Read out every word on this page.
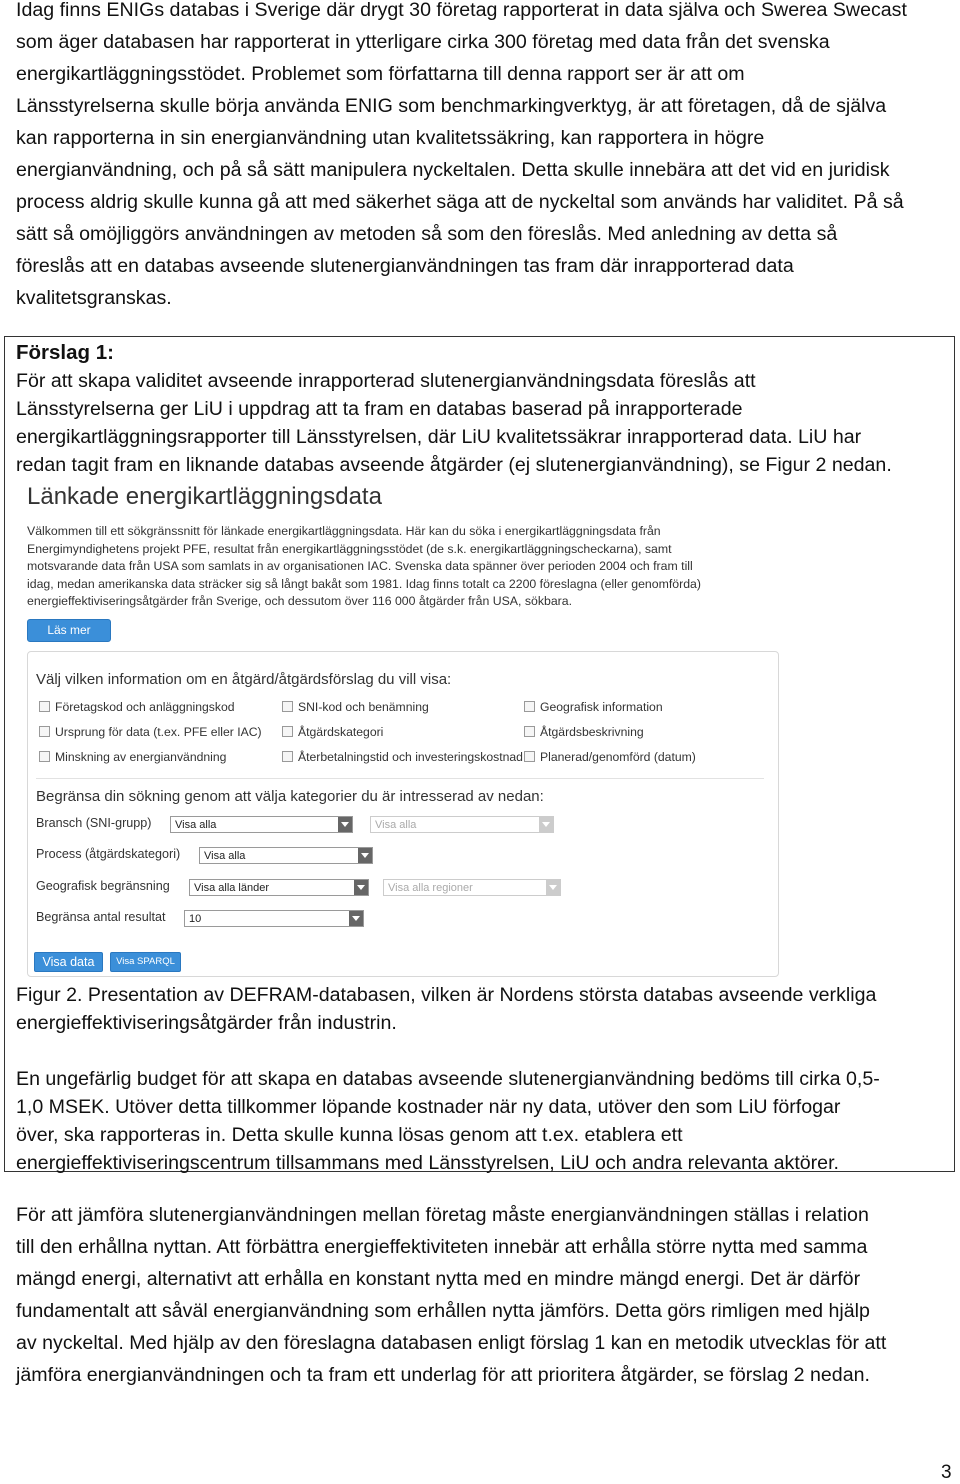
Idag finns ENIGs databas i Sverige där drygt 30 företag rapporterat in data själva och Swerea Swecast
som äger databasen har rapporterat in ytterligare cirka 300 företag med data från det svenska
energikartläggningsstödet. Problemet som författarna till denna rapport ser är att om
Länsstyrelserna skulle börja använda ENIG som benchmarkingverktyg, är att företagen, då de själva
kan rapporterna in sin energianvändning utan kvalitetssäkring, kan rapportera in högre
energianvändning, och på så sätt manipulera nyckeltalen. Detta skulle innebära att det vid en juridisk
process aldrig skulle kunna gå att med säkerhet säga att de nyckeltal som används har validitet. På så
sätt så omöjliggörs användningen av metoden så som den föreslås. Med anledning av detta så
föreslås att en databas avseende slutenergianvändningen tas fram där inrapporterad data
kvalitetsgranskas.
Förslag 1:
För att skapa validitet avseende inrapporterad slutenergianvändningsdata föreslås att
Länsstyrelserna ger LiU i uppdrag att ta fram en databas baserad på inrapporterade
energikartläggningsrapporter till Länsstyrelsen, där LiU kvalitetssäkrar inrapporterad data. LiU har
redan tagit fram en liknande databas avseende åtgärder (ej slutenergianvändning), se Figur 2 nedan.
Länkade energikartläggningsdata
Välkommen till ett sökgränssnitt för länkade energikartläggningsdata. Här kan du söka i energikartläggningsdata från
Energimyndighetens projekt PFE, resultat från energikartläggningsstödet (de s.k. energikartläggningscheckarna), samt
motsvarande data från USA som samlats in av organisationen IAC. Svenska data spänner över perioden 2004 och fram till
idag, medan amerikanska data sträcker sig så långt bakåt som 1981. Idag finns totalt ca 2200 föreslagna (eller genomförda)
energieffektiviseringsåtgärder från Sverige, och dessutom över 116 000 åtgärder från USA, sökbara.
Läs mer
Välj vilken information om en åtgärd/åtgärdsförslag du vill visa:
Företagskod och anläggningskod	SNI-kod och benämning	Geografisk information
Ursprung för data (t.ex. PFE eller IAC)	Åtgärdskategori	Åtgärdsbeskrivning
Minskning av energianvändning	Återbetalningstid och investeringskostnad	Planerad/genomförd (datum)
Begränsa din sökning genom att välja kategorier du är intresserad av nedan:
Bransch (SNI-grupp)	Visa alla	Visa alla
Process (åtgärdskategori)	Visa alla
Geografisk begränsning	Visa alla länder	Visa alla regioner
Begränsa antal resultat	10
Visa data	Visa SPARQL
Figur 2. Presentation av DEFRAM-databasen, vilken är Nordens största databas avseende verkliga
energieffektiviseringsåtgärder från industrin.
En ungefärlig budget för att skapa en databas avseende slutenergianvändning bedöms till cirka 0,5-
1,0 MSEK. Utöver detta tillkommer löpande kostnader när ny data, utöver den som LiU förfogar
över, ska rapporteras in. Detta skulle kunna lösas genom att t.ex. etablera ett
energieffektiviseringscentrum tillsammans med Länsstyrelsen, LiU och andra relevanta aktörer.
För att jämföra slutenergianvändningen mellan företag måste energianvändningen ställas i relation
till den erhållna nyttan. Att förbättra energieffektiviteten innebär att erhålla större nytta med samma
mängd energi, alternativt att erhålla en konstant nytta med en mindre mängd energi. Det är därför
fundamentalt att såväl energianvändning som erhållen nytta jämförs. Detta görs rimligen med hjälp
av nyckeltal. Med hjälp av den föreslagna databasen enligt förslag 1 kan en metodik utvecklas för att
jämföra energianvändningen och ta fram ett underlag för att prioritera åtgärder, se förslag 2 nedan.
3
